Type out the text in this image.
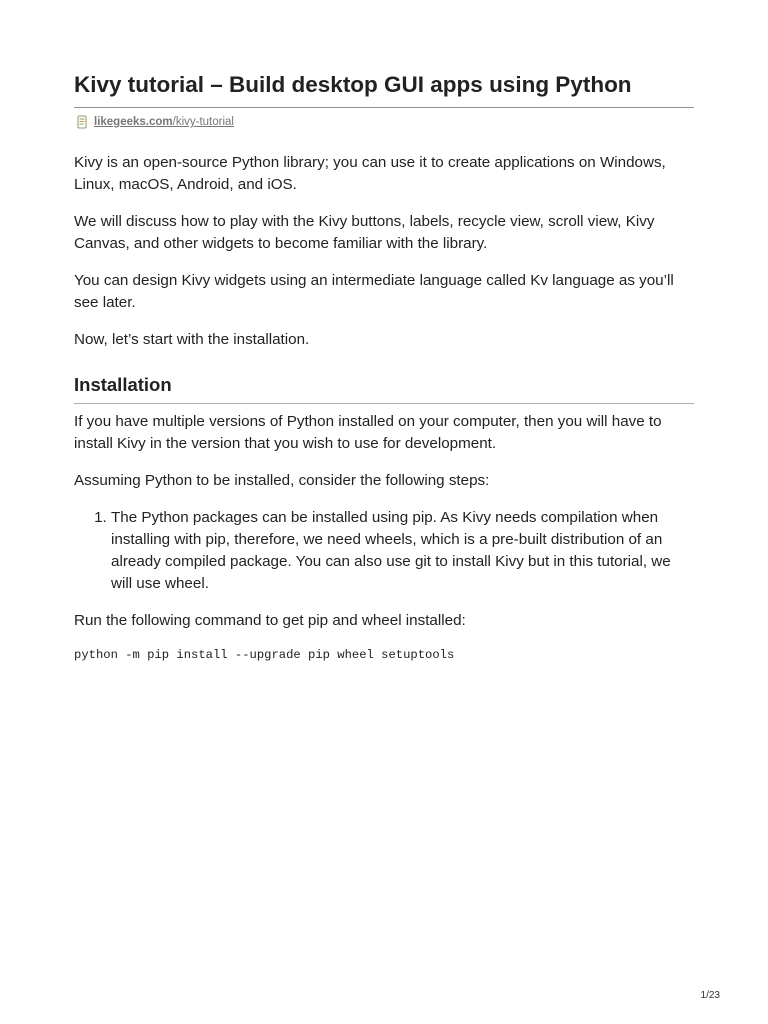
Kivy tutorial – Build desktop GUI apps using Python
likegeeks.com /kivy-tutorial

Kivy is an open-source Python library; you can use it to create applications on Windows, Linux, macOS, Android, and iOS.

We will discuss how to play with the Kivy buttons, labels, recycle view, scroll view, Kivy Canvas, and other widgets to become familiar with the library.

You can design Kivy widgets using an intermediate language called Kv language as you’ll see later.

Now, let’s start with the installation.

Installation

If you have multiple versions of Python installed on your computer, then you will have to install Kivy in the version that you wish to use for development.

Assuming Python to be installed, consider the following steps:

1. The Python packages can be installed using pip. As Kivy needs compilation when installing with pip, therefore, we need wheels, which is a pre-built distribution of an already compiled package. You can also use git to install Kivy but in this tutorial, we will use wheel.

Run the following command to get pip and wheel installed:

python -m pip install --upgrade pip wheel setuptools
1/23
